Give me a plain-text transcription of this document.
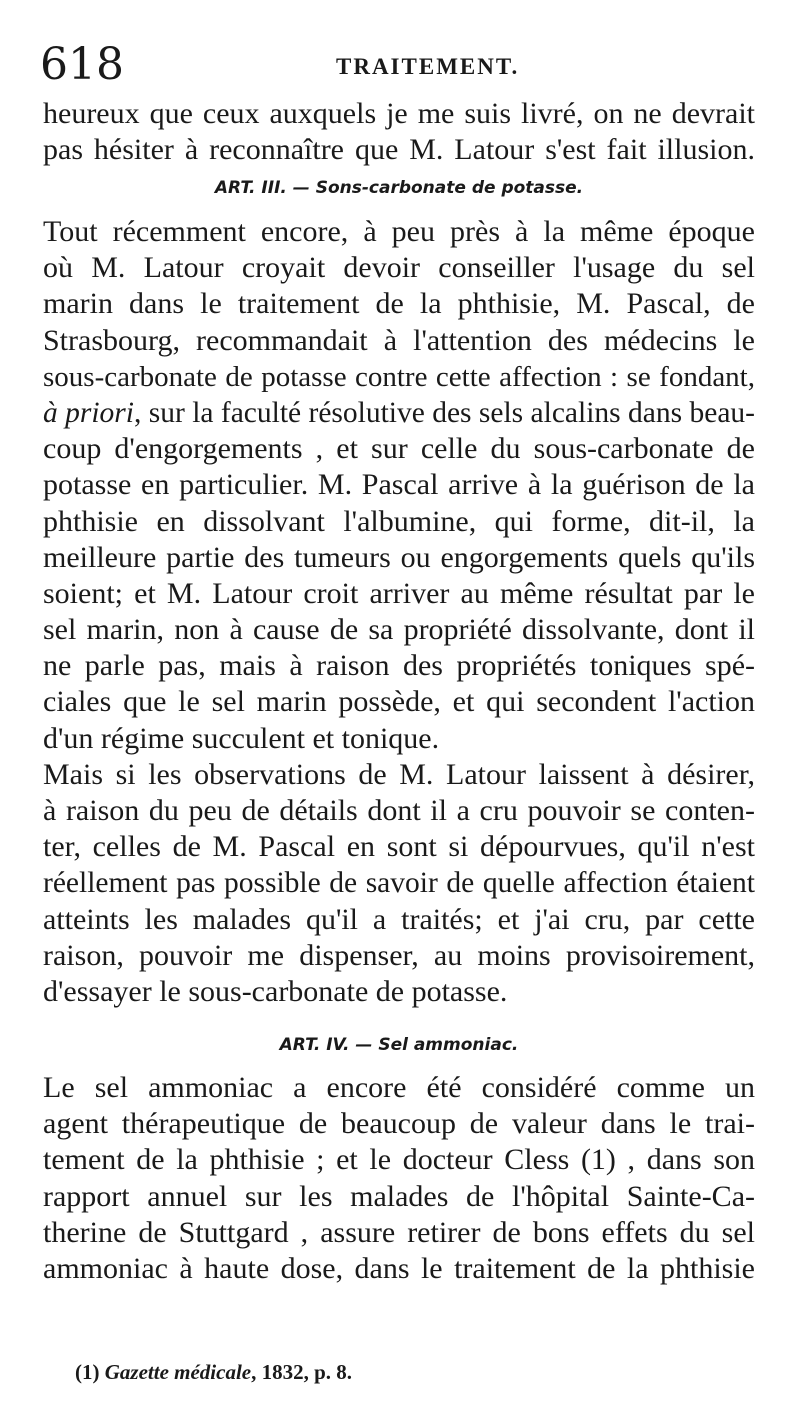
618	TRAITEMENT.
heureux que ceux auxquels je me suis livré, on ne devrait
pas hésiter à reconnaître que M. Latour s'est fait illusion.
ART. III. — Sons-carbonate de potasse.
Tout récemment encore, à peu près à la même époque
où M. Latour croyait devoir conseiller l'usage du sel
marin dans le traitement de la phthisie, M. Pascal, de
Strasbourg, recommandait à l'attention des médecins le
sous-carbonate de potasse contre cette affection : se fondant,
à priori, sur la faculté résolutive des sels alcalins dans beau-
coup d'engorgements , et sur celle du sous-carbonate de
potasse en particulier. M. Pascal arrive à la guérison de la
phthisie en dissolvant l'albumine, qui forme, dit-il, la
meilleure partie des tumeurs ou engorgements quels qu'ils
soient; et M. Latour croit arriver au même résultat par le
sel marin, non à cause de sa propriété dissolvante, dont il
ne parle pas, mais à raison des propriétés toniques spé-
ciales que le sel marin possède, et qui secondent l'action
d'un régime succulent et tonique.
Mais si les observations de M. Latour laissent à désirer,
à raison du peu de détails dont il a cru pouvoir se conten-
ter, celles de M. Pascal en sont si dépourvues, qu'il n'est
réellement pas possible de savoir de quelle affection étaient
atteints les malades qu'il a traités; et j'ai cru, par cette
raison, pouvoir me dispenser, au moins provisoirement,
d'essayer le sous-carbonate de potasse.
ART. IV. — Sel ammoniac.
Le sel ammoniac a encore été considéré comme un
agent thérapeutique de beaucoup de valeur dans le trai-
tement de la phthisie ; et le docteur Cless (1) , dans son
rapport annuel sur les malades de l'hôpital Sainte-Ca-
therine de Stuttgard , assure retirer de bons effets du sel
ammoniac à haute dose, dans le traitement de la phthisie
(1) Gazette médicale, 1832, p. 8.
